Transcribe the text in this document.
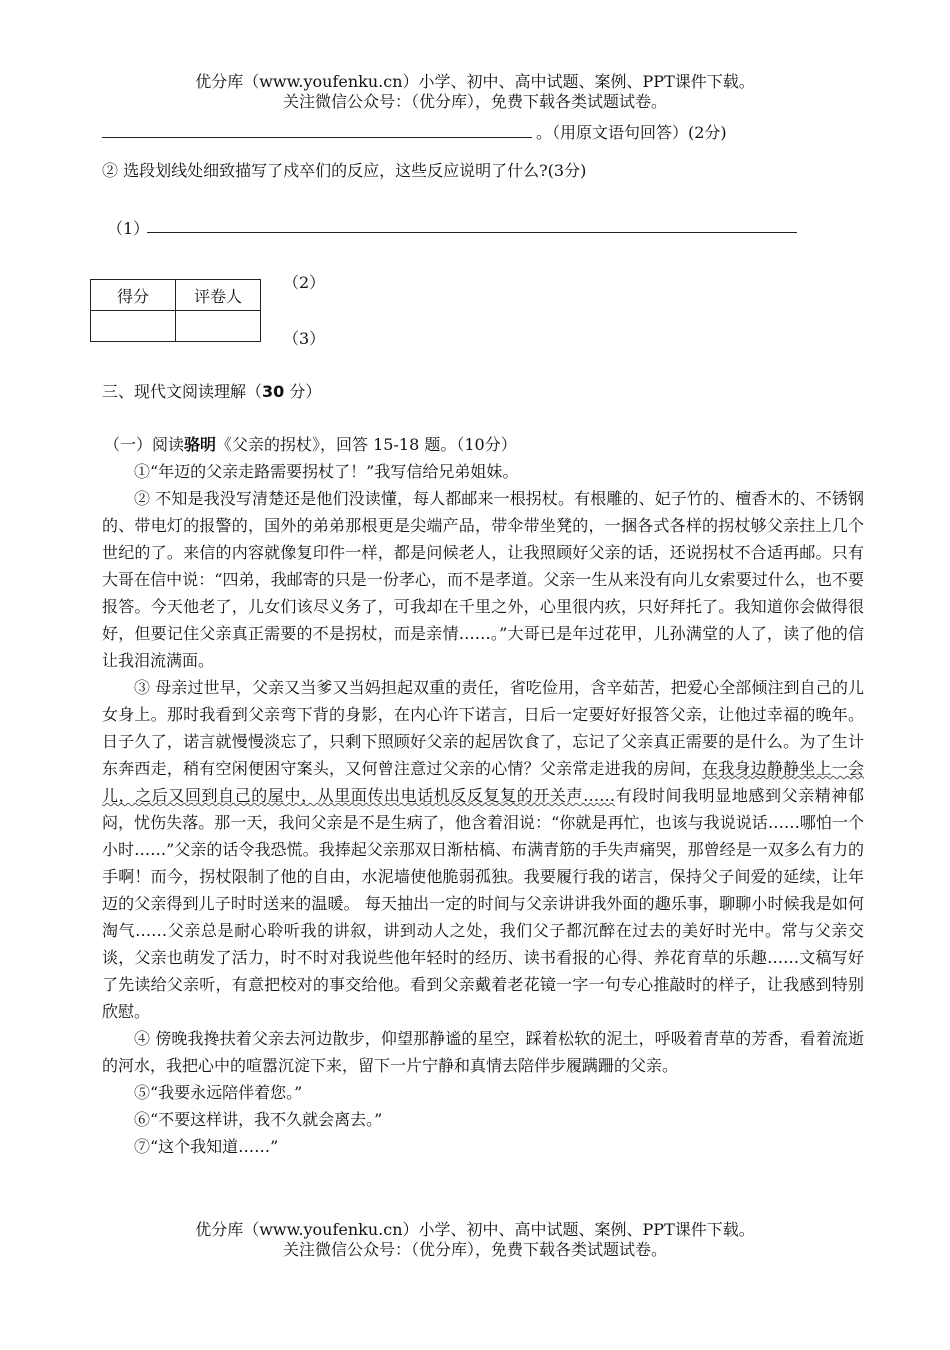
优分库（www.youfenku.cn）小学、初中、高中试题、案例、PPT课件下载。
关注微信公众号：（优分库），免费下载各类试题试卷。
。（用原文语句回答）(2分)
② 选段划线处细致描写了戍卒们的反应，这些反应说明了什么?(3分)
（1）
得分	评卷人

（2）
（3）
三、现代文阅读理解（30 分）
（一）阅读骆明《父亲的拐杖》，回答 15-18 题。（10分）

①“年迈的父亲走路需要拐杖了！”我写信给兄弟姐妹。

② 不知是我没写清楚还是他们没读懂，每人都邮来一根拐杖。有根雕的、妃子竹的、檀香木的、不锈钢的、带电灯的报警的，国外的弟弟那根更是尖端产品，带伞带坐凳的，一捆各式各样的拐杖够父亲拄上几个世纪的了。来信的内容就像复印件一样，都是问候老人，让我照顾好父亲的话，还说拐杖不合适再邮。只有大哥在信中说：“四弟，我邮寄的只是一份孝心，而不是孝道。父亲一生从来没有向儿女索要过什么，也不要报答。今天他老了，儿女们该尽义务了，可我却在千里之外，心里很内疚，只好拜托了。我知道你会做得很好，但要记住父亲真正需要的不是拐杖，而是亲情……。”大哥已是年过花甲，儿孙满堂的人了，读了他的信让我泪流满面。

③ 母亲过世早，父亲又当爹又当妈担起双重的责任，省吃俭用，含辛茹苦，把爱心全部倾注到自己的儿女身上。那时我看到父亲弯下背的身影，在内心许下诺言，日后一定要好好报答父亲，让他过幸福的晚年。日子久了，诺言就慢慢淡忘了，只剩下照顾好父亲的起居饮食了，忘记了父亲真正需要的是什么。为了生计东奔西走，稍有空闲便困守案头，又何曾注意过父亲的心情？父亲常走进我的房间，在我身边静静坐上一会儿，之后又回到自己的屋中，从里面传出电话机反反复复的开关声……有段时间我明显地感到父亲精神郁闷，忧伤失落。那一天，我问父亲是不是生病了，他含着泪说：“你就是再忙，也该与我说说话……哪怕一个小时……”父亲的话令我恐慌。我捧起父亲那双日渐枯槁、布满青筋的手失声痛哭，那曾经是一双多么有力的手啊！而今，拐杖限制了他的自由，水泥墙使他脆弱孤独。我要履行我的诺言，保持父子间爱的延续，让年迈的父亲得到儿子时时送来的温暖。 每天抽出一定的时间与父亲讲讲我外面的趣乐事，聊聊小时候我是如何淘气……父亲总是耐心聆听我的讲叙，讲到动人之处，我们父子都沉醉在过去的美好时光中。常与父亲交谈，父亲也萌发了活力，时不时对我说些他年轻时的经历、读书看报的心得、养花育草的乐趣……文稿写好了先读给父亲听，有意把校对的事交给他。看到父亲戴着老花镜一字一句专心推敲时的样子，让我感到特别欣慰。

④ 傍晚我搀扶着父亲去河边散步，仰望那静谧的星空，踩着松软的泥土，呼吸着青草的芳香，看着流逝的河水，我把心中的喧嚣沉淀下来，留下一片宁静和真情去陪伴步履蹒跚的父亲。

⑤“我要永远陪伴着您。”

⑥“不要这样讲，我不久就会离去。”

⑦“这个我知道……”

优分库（www.youfenku.cn）小学、初中、高中试题、案例、PPT课件下载。
关注微信公众号：（优分库），免费下载各类试题试卷。
